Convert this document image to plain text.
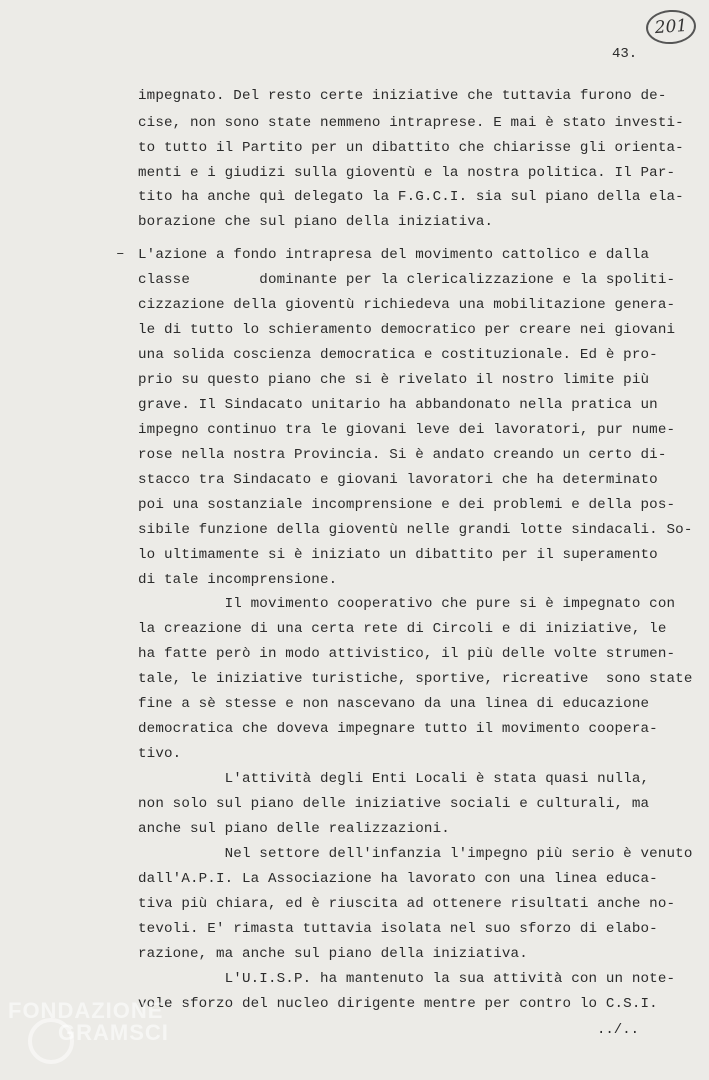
201
43.
–
impegnato. Del resto certe iniziative che tuttavia furono de-
cise, non sono state nemmeno intraprese. E mai è stato investi-
to tutto il Partito per un dibattito che chiarisse gli orienta-
menti e i giudizi sulla gioventù e la nostra politica. Il Par-
tito ha anche quì delegato la F.G.C.I. sia sul piano della ela-
borazione che sul piano della iniziativa.
L'azione a fondo intrapresa del movimento cattolico e dalla
classe        dominante per la clericalizzazione e la spoliti-
cizzazione della gioventù richiedeva una mobilitazione genera-
le di tutto lo schieramento democratico per creare nei giovani
una solida coscienza democratica e costituzionale. Ed è pro-
prio su questo piano che si è rivelato il nostro limite più
grave. Il Sindacato unitario ha abbandonato nella pratica un
impegno continuo tra le giovani leve dei lavoratori, pur nume-
rose nella nostra Provincia. Si è andato creando un certo di-
stacco tra Sindacato e giovani lavoratori che ha determinato
poi una sostanziale incomprensione e dei problemi e della pos-
sibile funzione della gioventù nelle grandi lotte sindacali. So-
lo ultimamente si è iniziato un dibattito per il superamento
di tale incomprensione.
Il movimento cooperativo che pure si è impegnato con
la creazione di una certa rete di Circoli e di iniziative, le
ha fatte però in modo attivistico, il più delle volte strumen-
tale, le iniziative turistiche, sportive, ricreative  sono state
fine a sè stesse e non nascevano da una linea di educazione
democratica che doveva impegnare tutto il movimento coopera-
tivo.
L'attività degli Enti Locali è stata quasi nulla,
non solo sul piano delle iniziative sociali e culturali, ma
anche sul piano delle realizzazioni.
Nel settore dell'infanzia l'impegno più serio è venuto
dall'A.P.I. La Associazione ha lavorato con una linea educa-
tiva più chiara, ed è riuscita ad ottenere risultati anche no-
tevoli. E' rimasta tuttavia isolata nel suo sforzo di elabo-
razione, ma anche sul piano della iniziativa.
L'U.I.S.P. ha mantenuto la sua attività con un note-
vole sforzo del nucleo dirigente mentre per contro lo C.S.I.
../..
FONDAZIONE
GRAMSCI
